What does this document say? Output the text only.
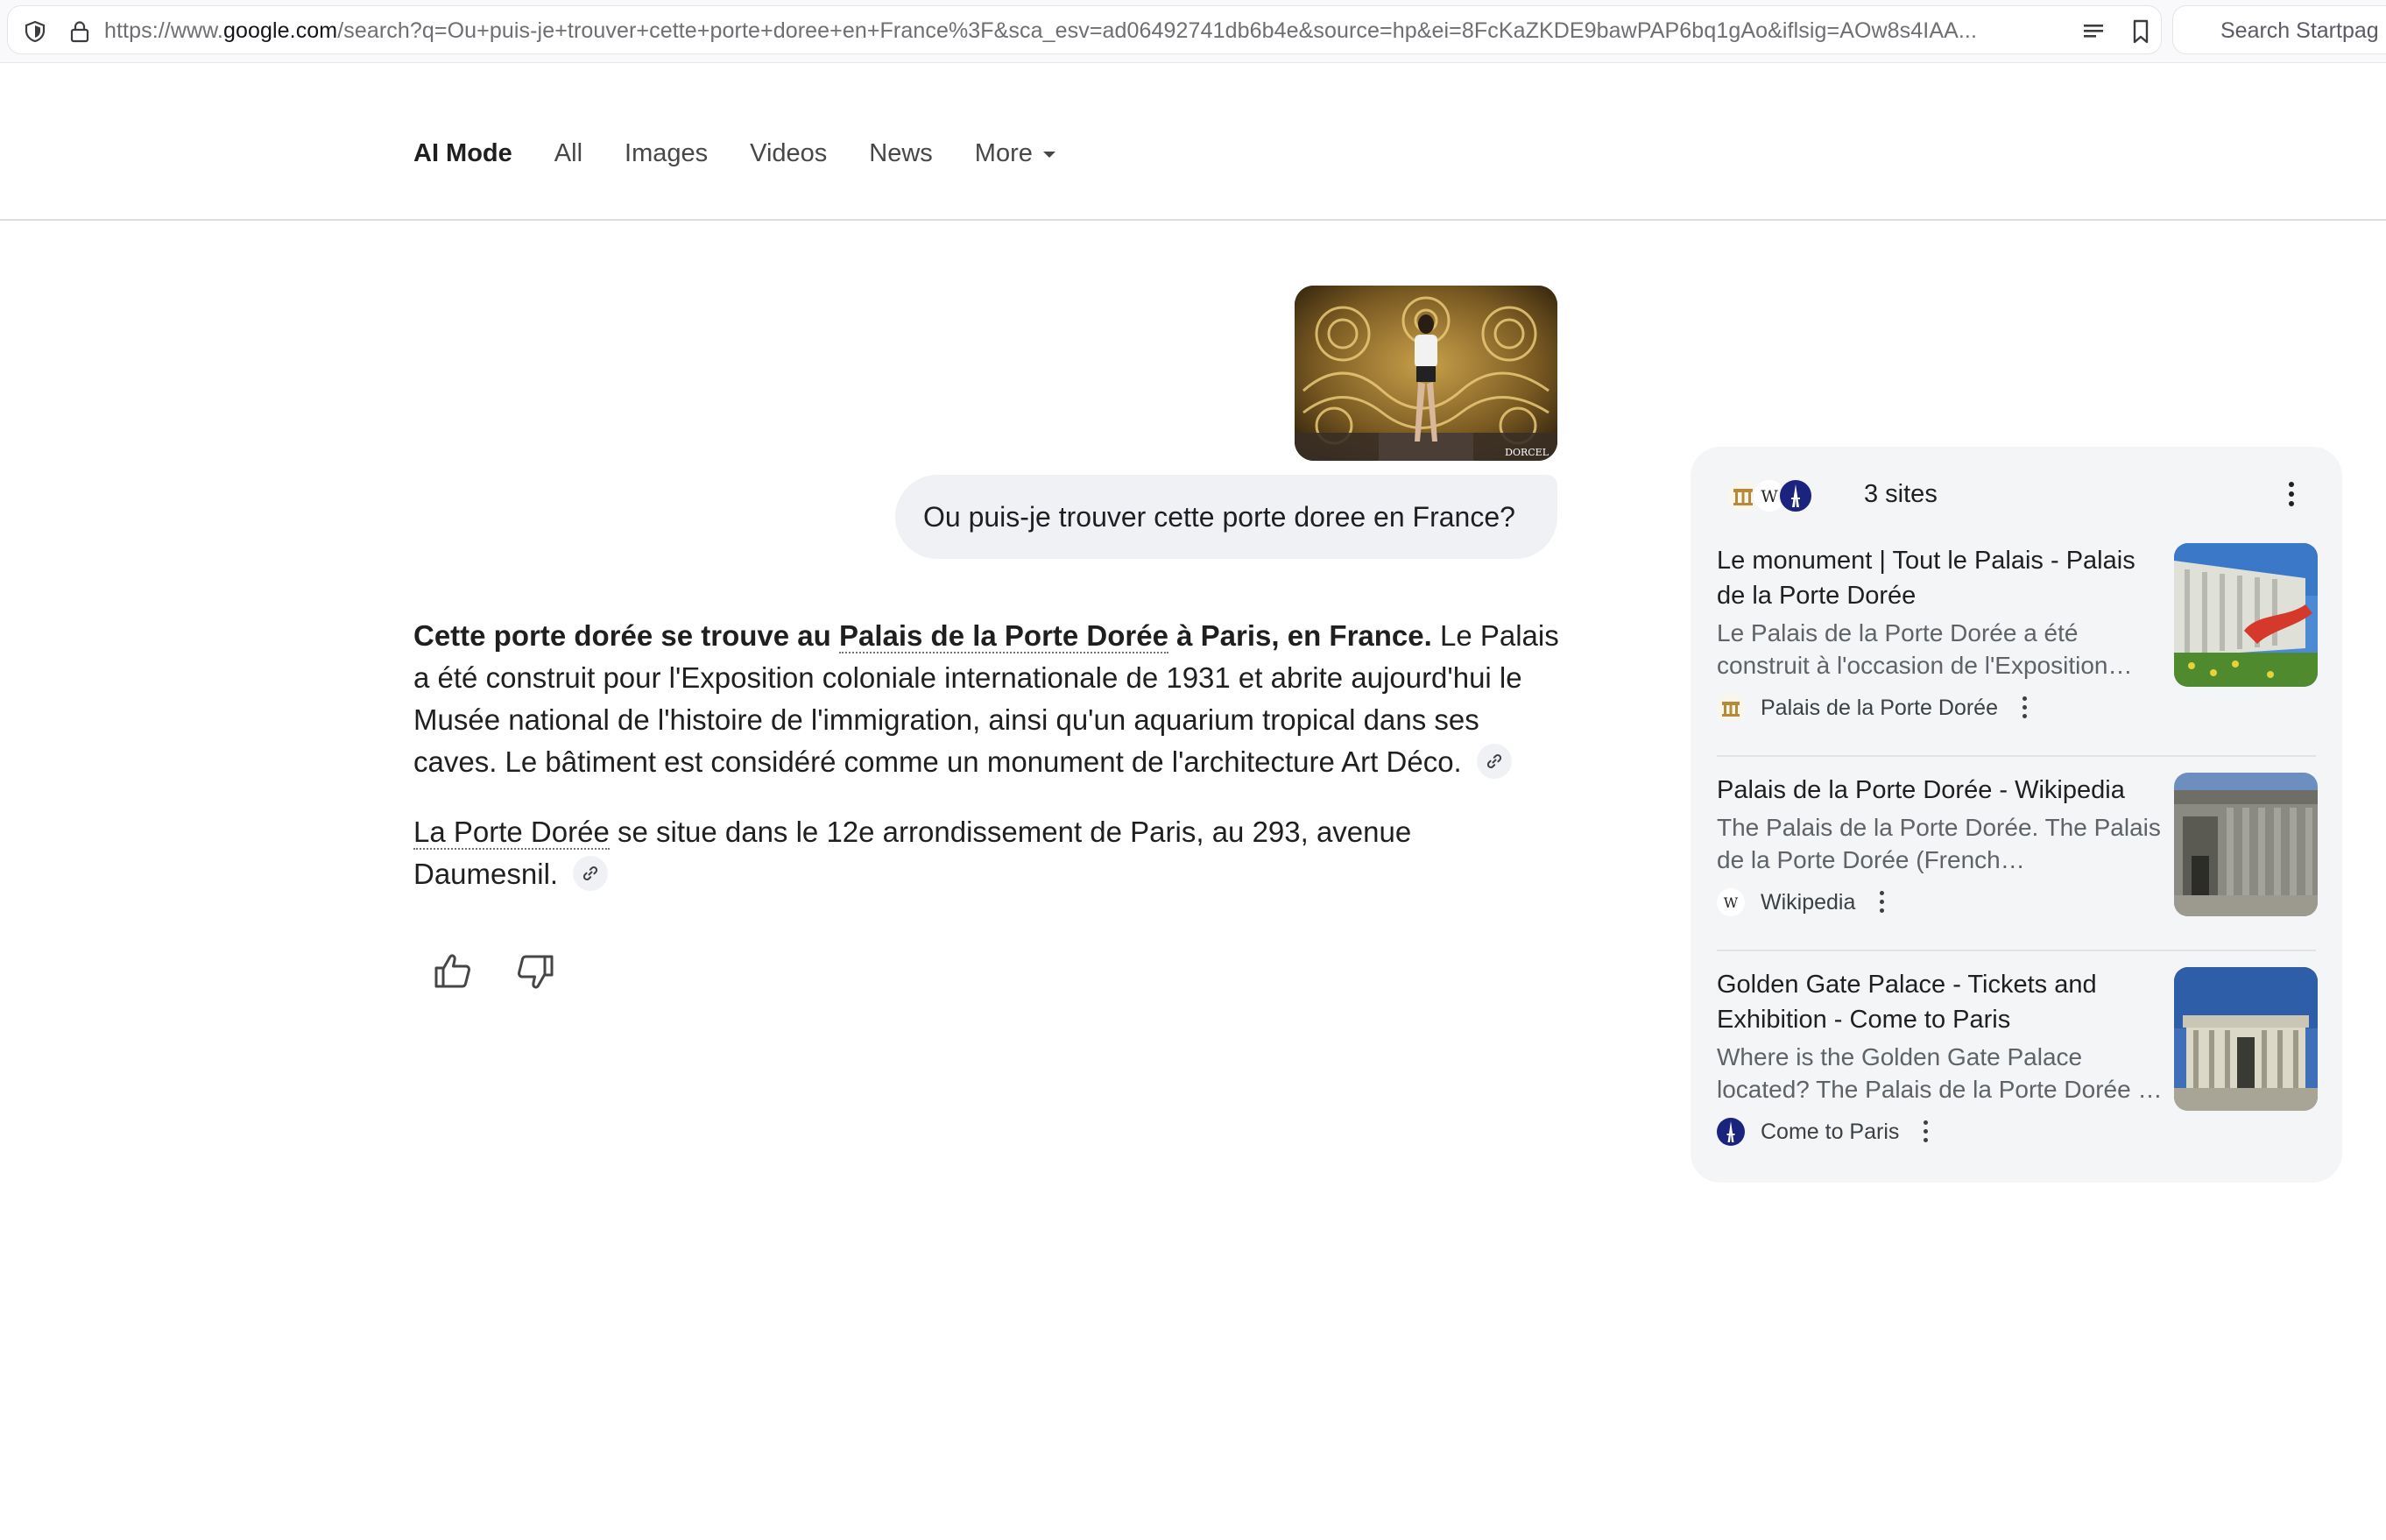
https://www.google.com/search?q=Ou+puis-je+trouver+cette+porte+doree+en+France%3F&sca_esv=ad06492741db6b4e&source=hp&ei=8FcKaZKDE9bawPAP6bq1gAo&iflsig=AOw8s4IAA...	Search Startpag
AI Mode All Images Videos News More
DORCEL
Ou puis-je trouver cette porte doree en France?

Cette porte dorée se trouve au Palais de la Porte Dorée à Paris, en France. Le Palais a été construit pour l'Exposition coloniale internationale de 1931 et abrite aujourd'hui le Musée national de l'histoire de l'immigration, ainsi qu'un aquarium tropical dans ses caves. Le bâtiment est considéré comme un monument de l'architecture Art Déco.

La Porte Dorée se situe dans le 12e arrondissement de Paris, au 293, avenue Daumesnil.

W	3 sites
Le monument | Tout le Palais - Palais de la Porte Dorée
Le Palais de la Porte Dorée a été construit à l'occasion de l'Exposition
Palais de la Porte Dorée
Palais de la Porte Dorée - Wikipedia
The Palais de la Porte Dorée. The Palais de la Porte Dorée (French
W Wikipedia
Golden Gate Palace - Tickets and Exhibition - Come to Paris
Where is the Golden Gate Palace located? The Palais de la Porte Dorée is
Come to Paris
